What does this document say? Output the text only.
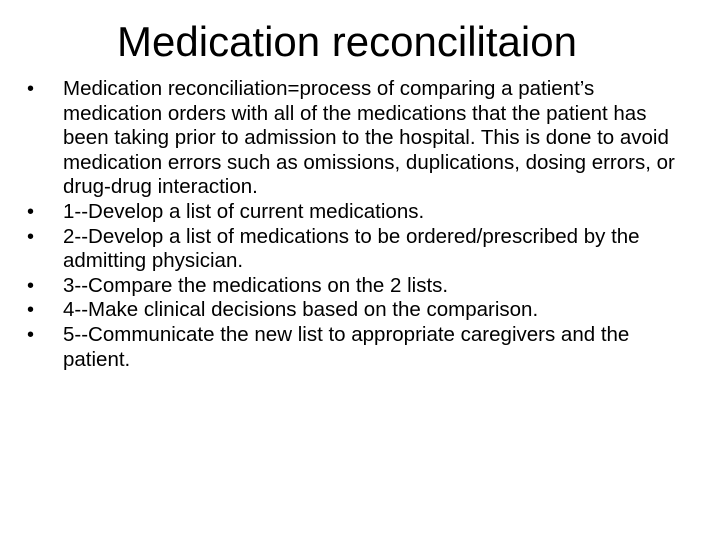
Medication reconcilitaion
•	Medication reconciliation=process of comparing a patient’s medication orders with all of the medications that the patient has been taking prior to admission to the hospital. This is done to avoid medication errors such as omissions, duplications, dosing errors, or drug-drug interaction.
•	1--Develop a list of current medications.
•	2--Develop a list of medications to be ordered/prescribed by the admitting physician.
•	3--Compare the medications on the 2 lists.
•	4--Make clinical decisions based on the comparison.
•	5--Communicate the new list to appropriate caregivers and the patient.
